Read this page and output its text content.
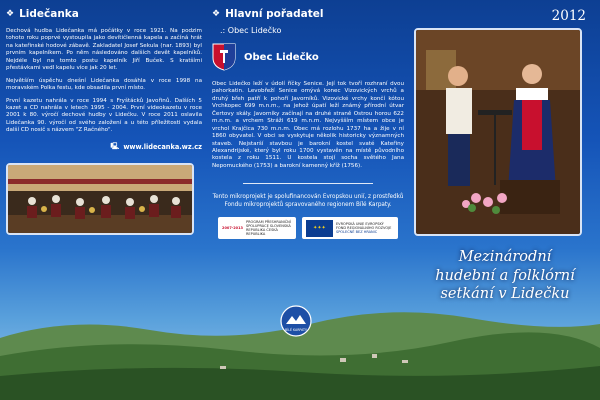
❖ Lidečanka

Dechová hudba Lidečanka má počátky v roce 1921. Na podzim tohoto roku poprvé vystoupila jako devítičlenná kapela a začíná hrát na kateřinské hodové zábavě. Zakladatel Josef Sekula (nar. 1893) byl prvním kapelníkem. Po něm následováno dalších devět kapelníků. Nejdéle byl na tomto postu kapelník Jiří Buček. S kratšími přestávkami vedl kapelu více jak 20 let.

Největším úspěchu dnešní Lidečanka dosáhla v roce 1998 na moravském Polka festu, kde obsadila první místo.

První kazetu nahrála v roce 1994 s Fryštácků Javořinů. Dalších 5 kazet a CD nahrála v letech 1995 - 2004. První videokazetu v roce 2001 k 80. výročí dechové hudby v Lidečku. V roce 2011 oslavila Lidečanka 90. výročí od svého založení a u této příležitosti vydala další CD nosič s názvem "Z Račného".

🖳 www.lidecanka.wz.cz
❖ Hlavní pořadatel
.: Obec Lidečko
Obec Lidečko

Obec Lidečko leží v údolí říčky Senice. Její tok tvoří rozhraní dvou pahorkatin. Levobřeží Senice omývá konec Vizovických vrchů a druhý břeh patří k pohoří Javorníků. Vizovické vrchy končí kótou Vrchkopec 699 m.n.m., na jehož úpatí leží známý přírodní útvar Čertovy skály. Javorníky začínají na druhé straně Ostrou horou 622 m.n.m. a vrchem Stráži 619 m.n.m. Nejvyšším místem obce je vrchol Krajčica 730 m.n.m. Obec má rozlohu 1737 ha a žije v ní 1860 obyvatel. V obci se vyskytuje několik historicky významných staveb. Nejstarší stavbou je barokní kostel svaté Kateřiny Alexandrijské, který byl roku 1700 vystavěn na místě původního kostela z roku 1511. U kostela stojí socha světého Jana Nepomuckého (1753) a barokní kamenný kříž (1756).

Tento mikroprojekt je spolufinancován Evropskou unií, z prostředků Fondu mikroprojektů spravovaného regionem Bílé Karpaty.

2007-2013
PROGRAM PŘESHRANIČNÍ SPOLUPRÁCE SLOVENSKÁ REPUBLIKA ČESKÁ REPUBLIKA
✦✦✦
EVROPSKÁ UNIE EVROPSKÝ FOND REGIONÁLNÍHO ROZVOJE
SPOLEČNĚ BEZ HRANIC
BÍLÉ KARPATY
2012
Mezinárodní
hudební a folklórní
setkání v Lidečku
